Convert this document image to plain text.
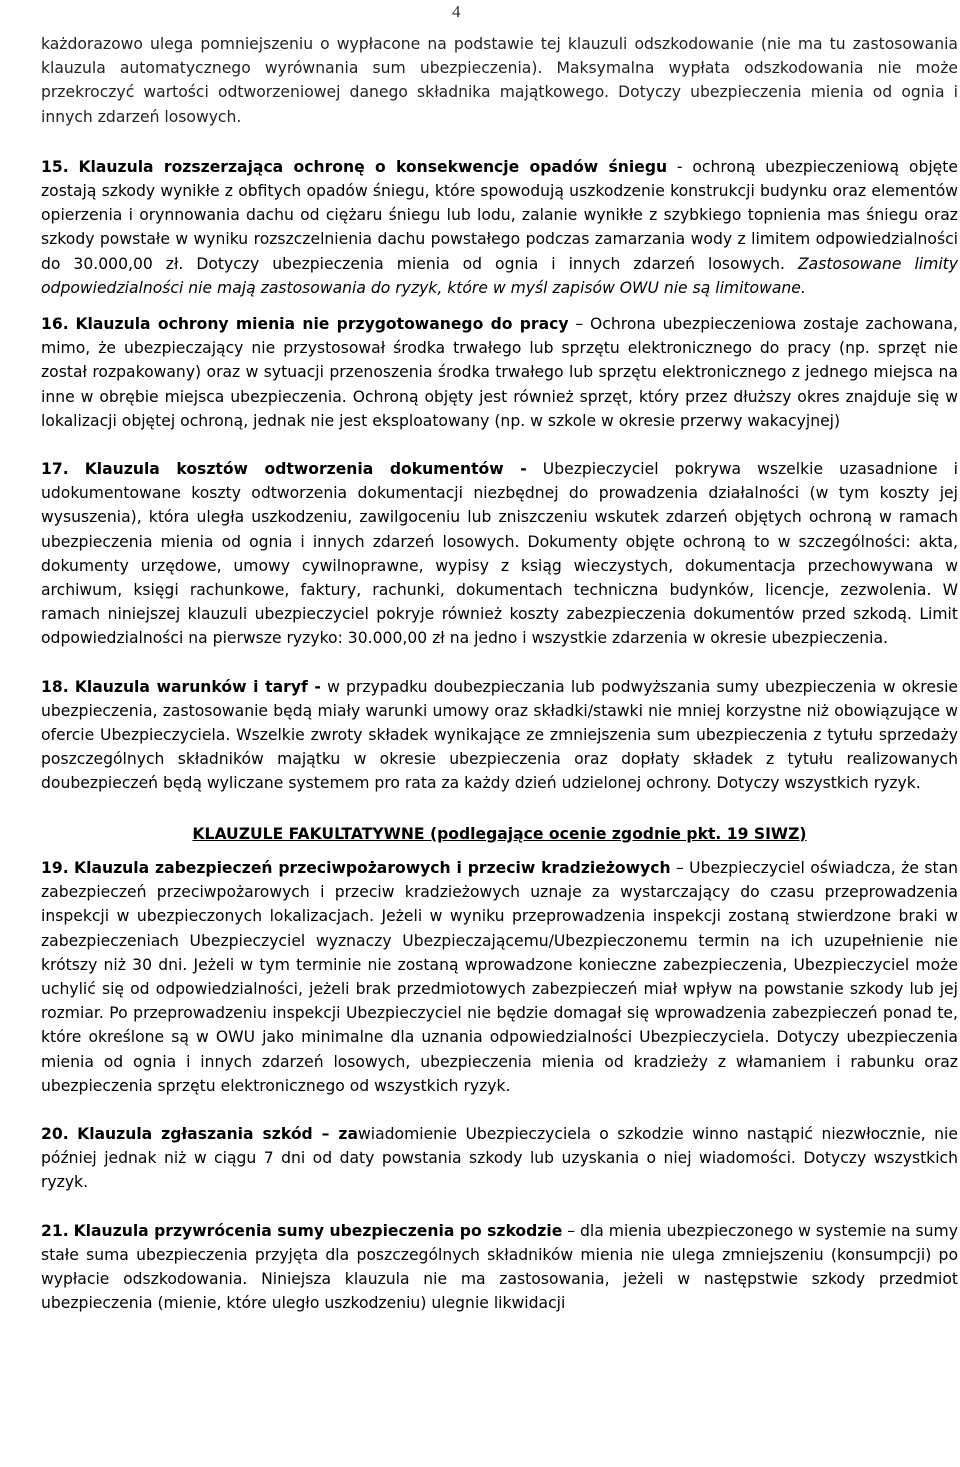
4

każdorazowo ulega pomniejszeniu o wypłacone na podstawie tej klauzuli odszkodowanie (nie ma tu zastosowania klauzula automatycznego wyrównania sum ubezpieczenia). Maksymalna wypłata odszkodowania nie może przekroczyć wartości odtworzeniowej danego składnika majątkowego. Dotyczy ubezpieczenia mienia od ognia i innych zdarzeń losowych.

15. Klauzula rozszerzająca ochronę o konsekwencje opadów śniegu - ochroną ubezpieczeniową objęte zostają szkody wynikłe z obfitych opadów śniegu, które spowodują uszkodzenie konstrukcji budynku oraz elementów opierzenia i orynnowania dachu od ciężaru śniegu lub lodu, zalanie wynikłe z szybkiego topnienia mas śniegu oraz szkody powstałe w wyniku rozszczelnienia dachu powstałego podczas zamarzania wody z limitem odpowiedzialności do 30.000,00 zł. Dotyczy ubezpieczenia mienia od ognia i innych zdarzeń losowych. Zastosowane limity odpowiedzialności nie mają zastosowania do ryzyk, które w myśl zapisów OWU nie są limitowane.

16. Klauzula ochrony mienia nie przygotowanego do pracy – Ochrona ubezpieczeniowa zostaje zachowana, mimo, że ubezpieczający nie przystosował środka trwałego lub sprzętu elektronicznego do pracy (np. sprzęt nie został rozpakowany) oraz w sytuacji przenoszenia środka trwałego lub sprzętu elektronicznego z jednego miejsca na inne w obrębie miejsca ubezpieczenia. Ochroną objęty jest również sprzęt, który przez dłuższy okres znajduje się w lokalizacji objętej ochroną, jednak nie jest eksploatowany (np. w szkole w okresie przerwy wakacyjnej)

17. Klauzula kosztów odtworzenia dokumentów - Ubezpieczyciel pokrywa wszelkie uzasadnione i udokumentowane koszty odtworzenia dokumentacji niezbędnej do prowadzenia działalności (w tym koszty jej wysuszenia), która uległa uszkodzeniu, zawilgoceniu lub zniszczeniu wskutek zdarzeń objętych ochroną w ramach ubezpieczenia mienia od ognia i innych zdarzeń losowych. Dokumenty objęte ochroną to w szczególności: akta, dokumenty urzędowe, umowy cywilnoprawne, wypisy z ksiąg wieczystych, dokumentacja przechowywana w archiwum, księgi rachunkowe, faktury, rachunki, dokumentach techniczna budynków, licencje, zezwolenia. W ramach niniejszej klauzuli ubezpieczyciel pokryje również koszty zabezpieczenia dokumentów przed szkodą. Limit odpowiedzialności na pierwsze ryzyko: 30.000,00 zł na jedno i wszystkie zdarzenia w okresie ubezpieczenia.

18. Klauzula warunków i taryf - w przypadku doubezpieczania lub podwyższania sumy ubezpieczenia w okresie ubezpieczenia, zastosowanie będą miały warunki umowy oraz składki/stawki nie mniej korzystne niż obowiązujące w ofercie Ubezpieczyciela. Wszelkie zwroty składek wynikające ze zmniejszenia sum ubezpieczenia z tytułu sprzedaży poszczególnych składników majątku w okresie ubezpieczenia oraz dopłaty składek z tytułu realizowanych doubezpieczeń będą wyliczane systemem pro rata za każdy dzień udzielonej ochrony. Dotyczy wszystkich ryzyk.

KLAUZULE FAKULTATYWNE (podlegające ocenie zgodnie pkt. 19 SIWZ)

19. Klauzula zabezpieczeń przeciwpożarowych i przeciw kradzieżowych – Ubezpieczyciel oświadcza, że stan zabezpieczeń przeciwpożarowych i przeciw kradzieżowych uznaje za wystarczający do czasu przeprowadzenia inspekcji w ubezpieczonych lokalizacjach. Jeżeli w wyniku przeprowadzenia inspekcji zostaną stwierdzone braki w zabezpieczeniach Ubezpieczyciel wyznaczy Ubezpieczającemu/Ubezpieczonemu termin na ich uzupełnienie nie krótszy niż 30 dni. Jeżeli w tym terminie nie zostaną wprowadzone konieczne zabezpieczenia, Ubezpieczyciel może uchylić się od odpowiedzialności, jeżeli brak przedmiotowych zabezpieczeń miał wpływ na powstanie szkody lub jej rozmiar. Po przeprowadzeniu inspekcji Ubezpieczyciel nie będzie domagał się wprowadzenia zabezpieczeń ponad te, które określone są w OWU jako minimalne dla uznania odpowiedzialności Ubezpieczyciela. Dotyczy ubezpieczenia mienia od ognia i innych zdarzeń losowych, ubezpieczenia mienia od kradzieży z włamaniem i rabunku oraz ubezpieczenia sprzętu elektronicznego od wszystkich ryzyk.

20. Klauzula zgłaszania szkód – zawiadomienie Ubezpieczyciela o szkodzie winno nastąpić niezwłocznie, nie później jednak niż w ciągu 7 dni od daty powstania szkody lub uzyskania o niej wiadomości. Dotyczy wszystkich ryzyk.

21. Klauzula przywrócenia sumy ubezpieczenia po szkodzie – dla mienia ubezpieczonego w systemie na sumy stałe suma ubezpieczenia przyjęta dla poszczególnych składników mienia nie ulega zmniejszeniu (konsumpcji) po wypłacie odszkodowania. Niniejsza klauzula nie ma zastosowania, jeżeli w następstwie szkody przedmiot ubezpieczenia (mienie, które uległo uszkodzeniu) ulegnie likwidacji
